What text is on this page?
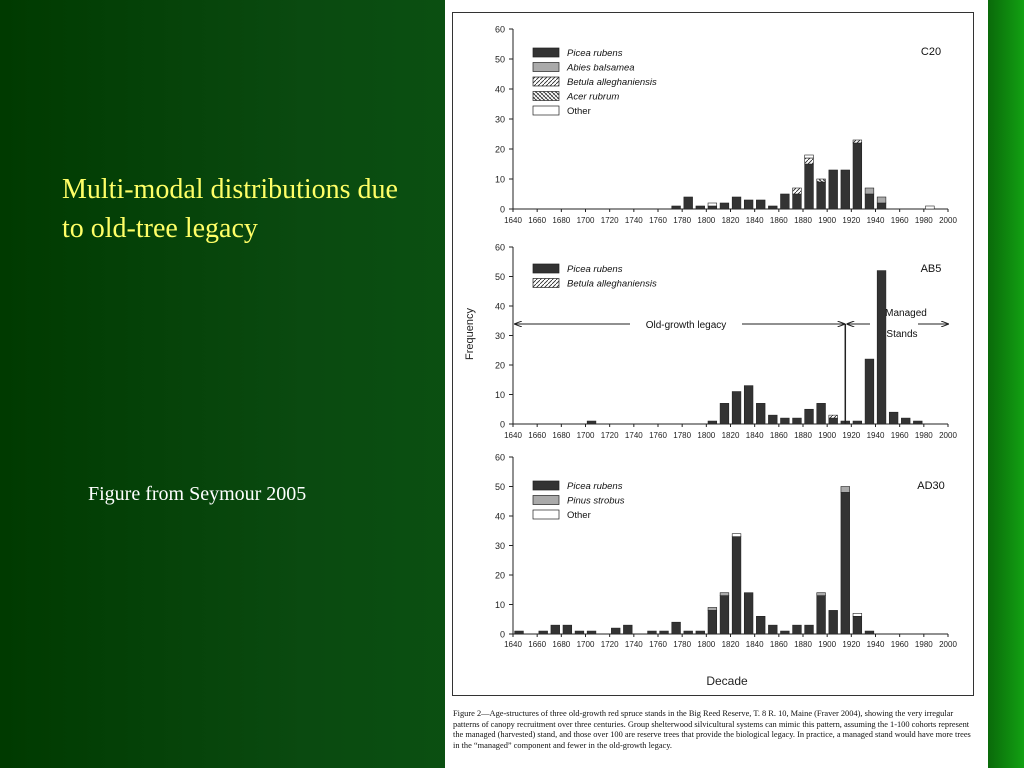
Multi-modal distributions due to old-tree legacy
Figure from Seymour 2005
Frequency
Decade
0
10
20
30
40
50
60
1640 1660 1680 1700 1720 1740 1760 1780 1800 1820 1840 1860 1880 1900 1920 1940 1960 1980 2000
C20
Picea rubens
Abies balsamea
Betula alleghaniensis
Acer rubrum
Other
0
10
20
30
40
50
60
1640 1660 1680 1700 1720 1740 1760 1780 1800 1820 1840 1860 1880 1900 1920 1940 1960 1980 2000
AB5
Picea rubens
Betula alleghaniensis
Old-growth legacy
Managed
Stands
0
10
20
30
40
50
60
1640 1660 1680 1700 1720 1740 1760 1780 1800 1820 1840 1860 1880 1900 1920 1940 1960 1980 2000
AD30
Picea rubens
Pinus strobus
Other
Figure 2—Age-structures of three old-growth red spruce stands in the Big Reed Reserve, T. 8 R. 10, Maine (Fraver 2004), showing the very irregular patterns of canopy recruitment over three centuries. Group shelterwood silvicultural systems can mimic this pattern, assuming the 1-100 cohorts represent the managed (harvested) stand, and those over 100 are reserve trees that provide the biological legacy. In practice, a managed stand would have more trees in the “managed” component and fewer in the old-growth legacy.
